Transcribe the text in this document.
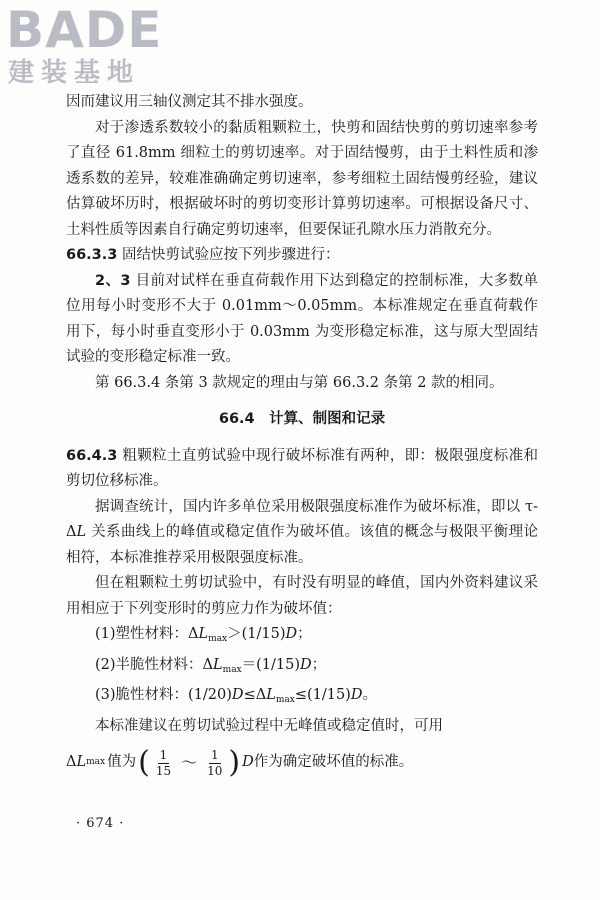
BADE
建装基地

因而建议用三轴仪测定其不排水强度。

对于渗透系数较小的黏质粗颗粒土，快剪和固结快剪的剪切速率参考了直径 61.8mm 细粒土的剪切速率。对于固结慢剪，由于土料性质和渗透系数的差异，较难准确确定剪切速率，参考细粒土固结慢剪经验，建议估算破坏历时，根据破坏时的剪切变形计算剪切速率。可根据设备尺寸、土料性质等因素自行确定剪切速率，但要保证孔隙水压力消散充分。

66.3.3 固结快剪试验应按下列步骤进行：

2、3 目前对试样在垂直荷载作用下达到稳定的控制标准，大多数单位用每小时变形不大于 0.01mm～0.05mm。本标准规定在垂直荷载作用下，每小时垂直变形小于 0.03mm 为变形稳定标准，这与原大型固结试验的变形稳定标准一致。

第 66.3.4 条第 3 款规定的理由与第 66.3.2 条第 2 款的相同。

66.4　计算、制图和记录

66.4.3 粗颗粒土直剪试验中现行破坏标准有两种，即：极限强度标准和剪切位移标准。

据调查统计，国内许多单位采用极限强度标准作为破坏标准，即以 τ-ΔL 关系曲线上的峰值或稳定值作为破坏值。该值的概念与极限平衡理论相符，本标准推荐采用极限强度标准。

但在粗颗粒土剪切试验中，有时没有明显的峰值，国内外资料建议采用相应于下列变形时的剪应力作为破坏值：

(1)塑性材料：$\Delta L_{max}>(1/15)D$；

(2)半脆性材料：$\Delta L_{max}=(1/15)D$；

(3)脆性材料：$(1/20)D\le\Delta L_{max}\le(1/15)D$。

本标准建议在剪切试验过程中无峰值或稳定值时，可用

Δ L max 值为 ( $\frac{1}{15}$ ～ $\frac{1}{10}$ ) D 作为确定破坏值的标准。
· 674 ·
